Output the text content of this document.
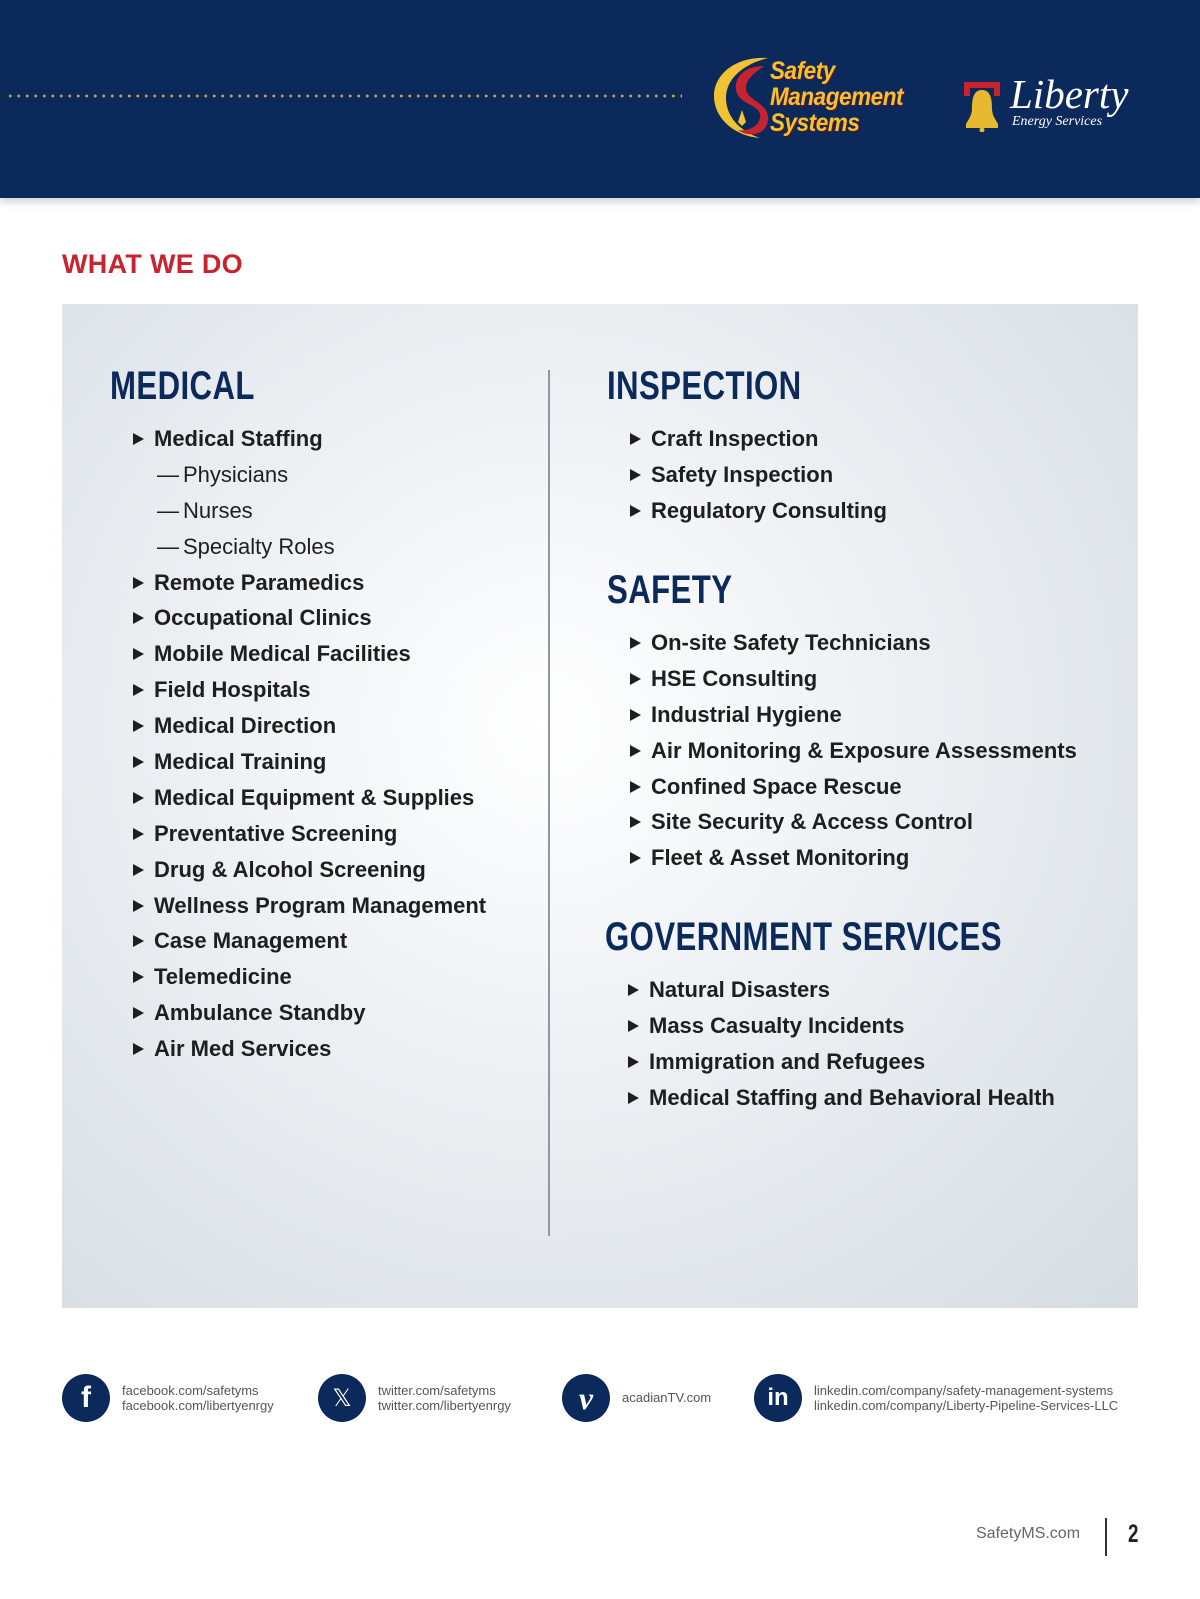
Safety
Management
Systems
Liberty
Energy Services
WHAT WE DO
MEDICAL
Medical Staffing
— Physicians
— Nurses
— Specialty Roles
Remote Paramedics
Occupational Clinics
Mobile Medical Facilities
Field Hospitals
Medical Direction
Medical Training
Medical Equipment & Supplies
Preventative Screening
Drug & Alcohol Screening
Wellness Program Management
Case Management
Telemedicine
Ambulance Standby
Air Med Services
INSPECTION
Craft Inspection
Safety Inspection
Regulatory Consulting
SAFETY
On-site Safety Technicians
HSE Consulting
Industrial Hygiene
Air Monitoring & Exposure Assessments
Confined Space Rescue
Site Security & Access Control
Fleet & Asset Monitoring
GOVERNMENT SERVICES
Natural Disasters
Mass Casualty Incidents
Immigration and Refugees
Medical Staffing and Behavioral Health
f facebook.com/safetyms
facebook.com/libertyenrgy 𝕏 twitter.com/safetyms
twitter.com/libertyenrgy v acadianTV.com in linkedin.com/company/safety-management-systems
linkedin.com/company/Liberty-Pipeline-Services-LLC
SafetyMS.com 2
